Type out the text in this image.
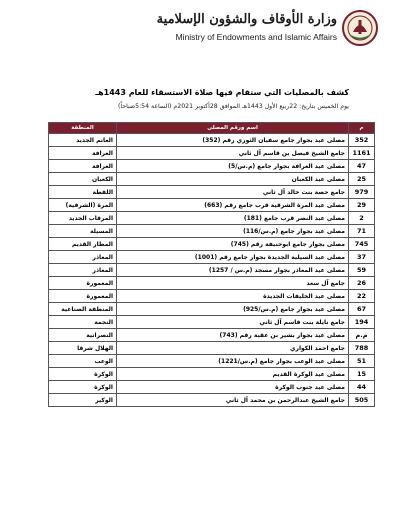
وزارة الأوقاف والشؤون الإسلامية
Ministry of Endowments and Islamic Affairs
كشف بالمصليات التي ستقام فيها صلاة الاستسقاء للعام 1443هـ
يوم الخميس بتاريخ: 22ربيع الأول 1443هـ الموافق 28أكتوبر 2021م (الساعة 5:54صباحاً)
المنطقة	اسم ورقم المصلى	م
الغانم الجديد	مصلى عيد بجوار جامع سفيان الثوري رقم (352)	352
الغرافة	جامع الشيخ فيصل بن قاسم آل ثاني	1161
الغرافة	مصلى عيد الغرافة بجوار جامع (م.س/5)	47
الكعبان	مصلى عيد الكعبان	25
اللقطة	جامع حصة بنت خالد آل ثاني	979
المرة (الشرقية)	مصلى عيد المرة الشرقية قرب جامع رقم (663)	29
المرقاب الجديد	مصلى عيد النصر قرب جامع (181)	2
المسيلة	مصلى عيد بجوار جامع (م.س/116)	71
المطار القديم	مصلى بجوار جامع ابوحنيفة رقم (745)	745
المعاذر	مصلى عيد السيلية الجديدة بجوار جامع رقم (1001)	37
المعاذر	مصلى عيد المعاذر بجوار مسجد (م.س / 1257)	59
المعمورة	جامع آل سعد	26
المعمورة	مصلى عيد الخليفات الجديدة	22
المنطقة الصناعية	مصلى عيد بجوار جامع (م.س/925)	67
النجمة	جامع نايلة بنت قاسم آل ثاني	194
النصرانية	مصلى عيد بجوار بشير بن عقبة رقم (743)	م.م
الهلال شرقا	جامع احمد الكواري	788
الوعب	مصلى عيد الوعب بجوار جامع (م.س/1221)	51
الوكرة	مصلى عيد الوكرة القديم	15
الوكرة	مصلى عيد جنوب الوكرة	44
الوكير	جامع الشيخ عبدالرحمن بن محمد آل ثاني	505
